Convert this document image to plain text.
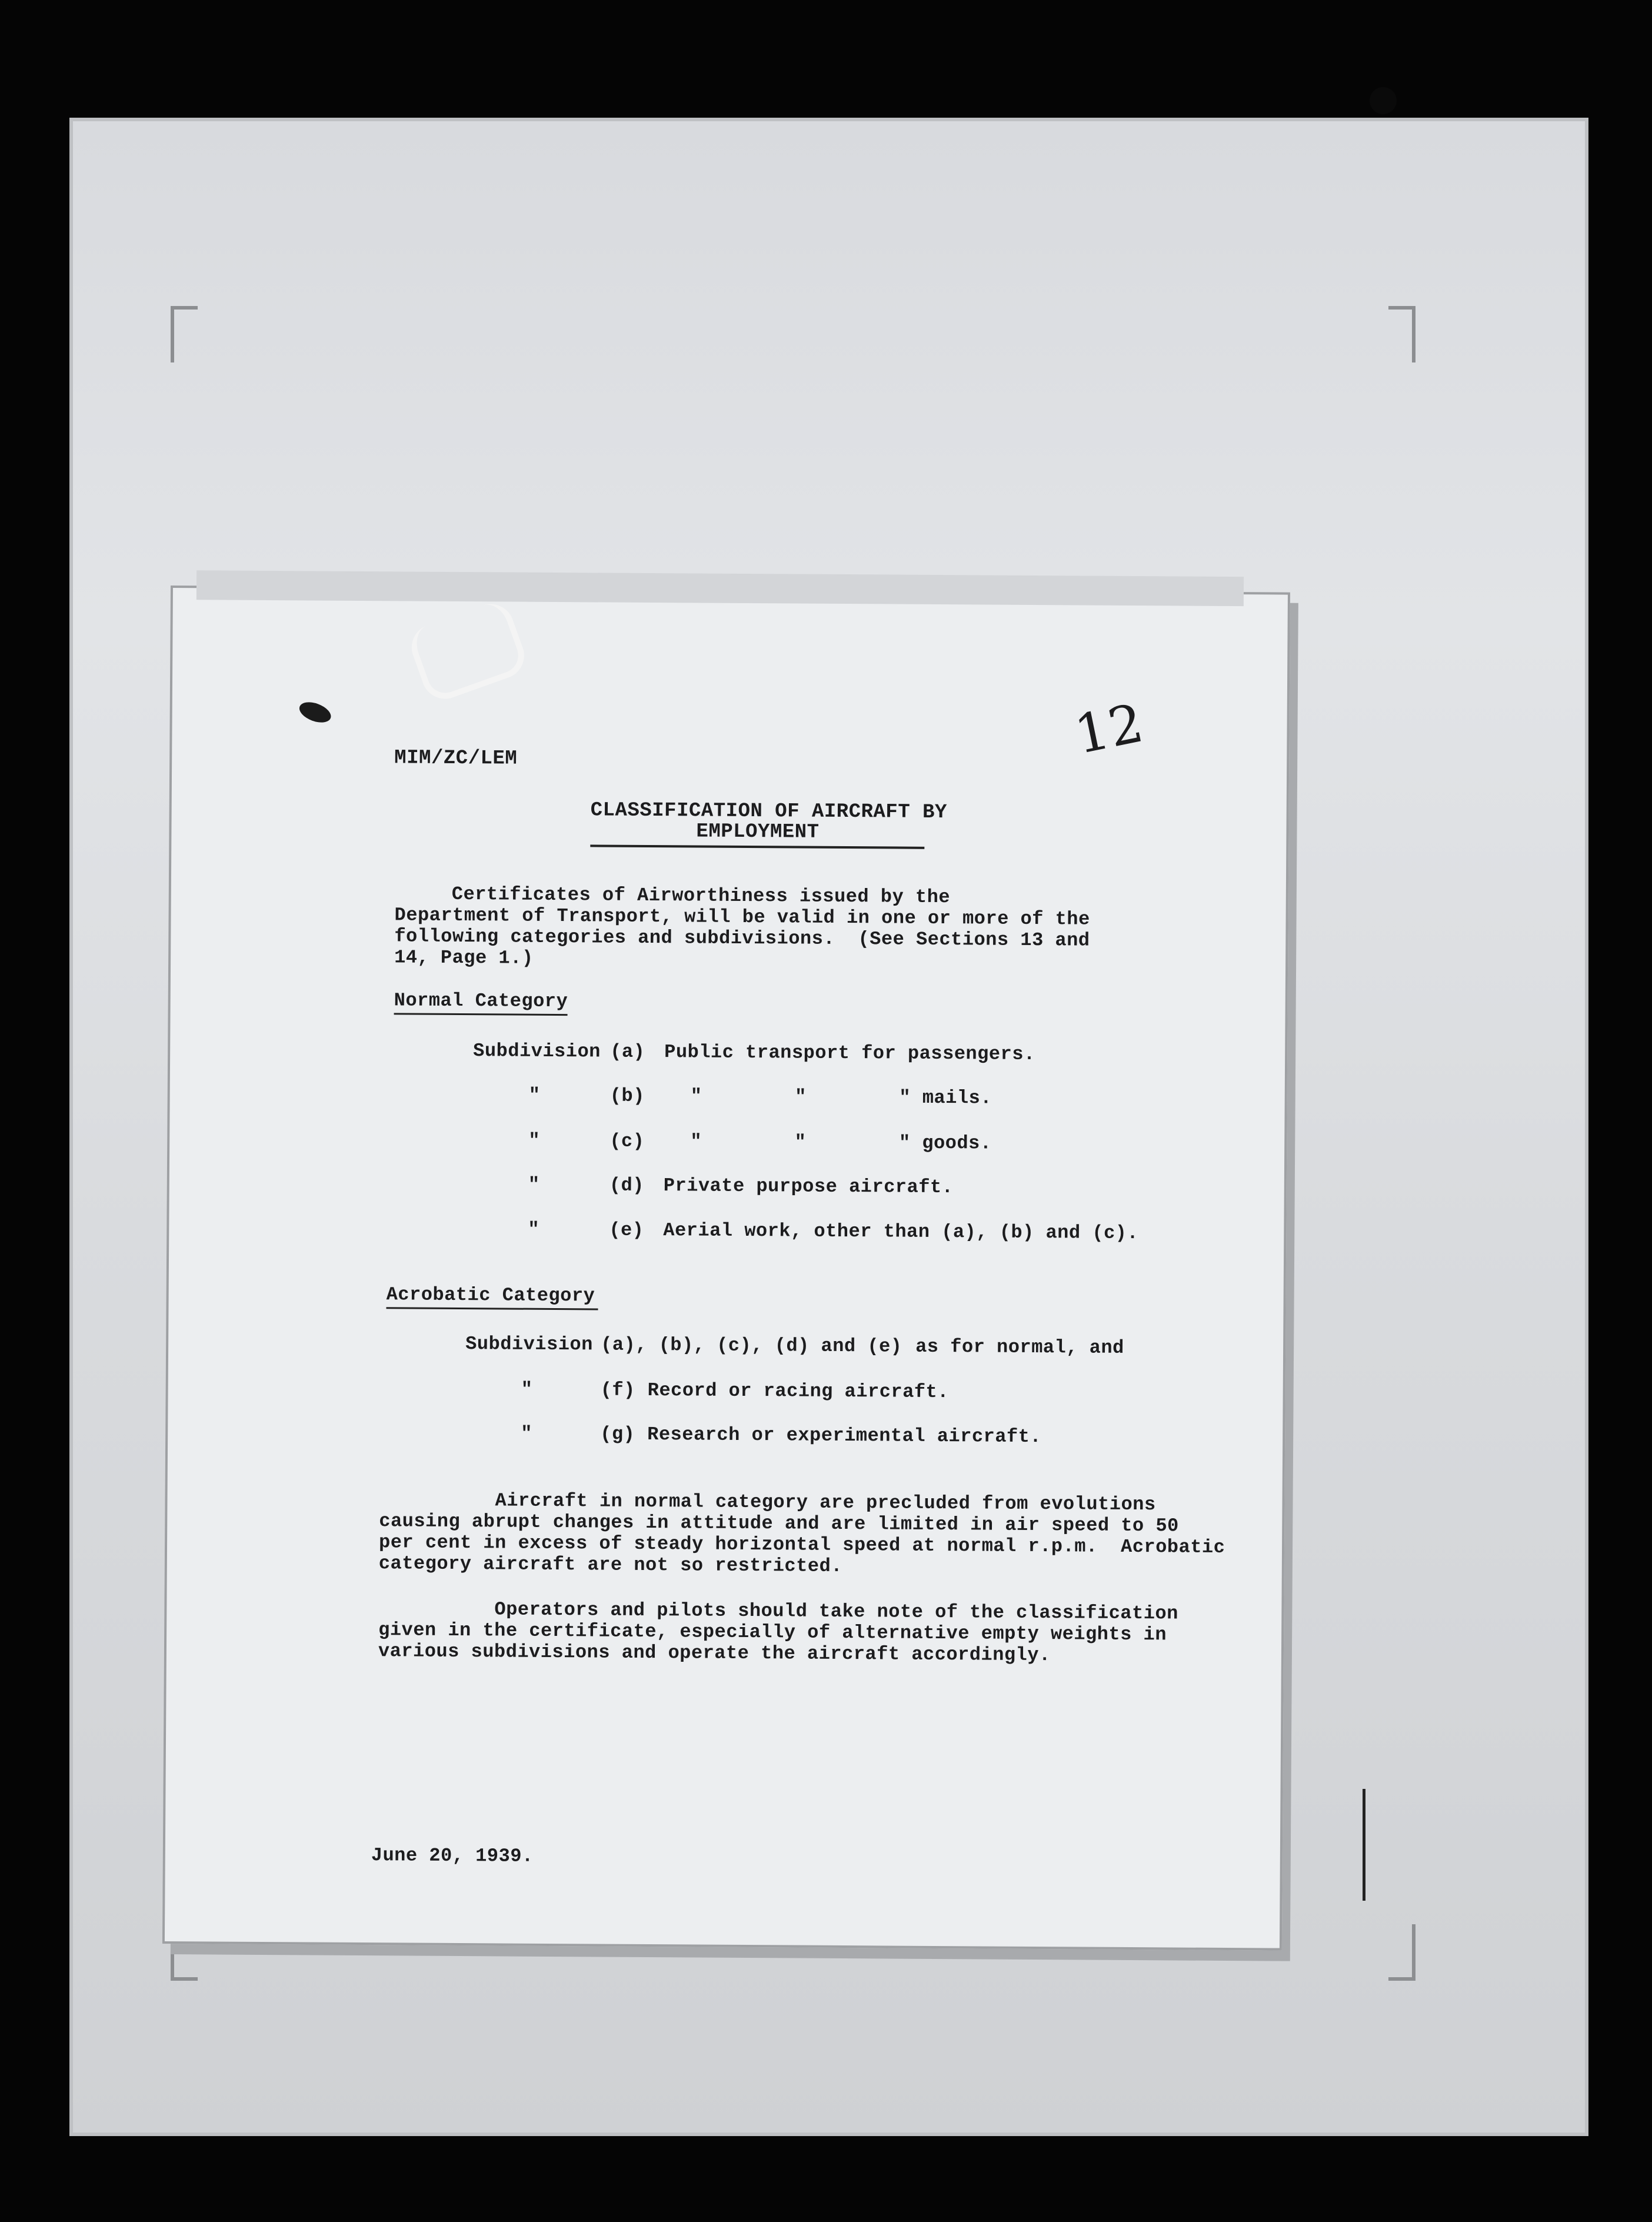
MIM/ZC/LEM	12
CLASSIFICATION OF AIRCRAFT BY
EMPLOYMENT
Certificates of Airworthiness issued by the
Department of Transport, will be valid in one or more of the
following categories and subdivisions.  (See Sections 13 and
14, Page 1.)
Normal Category
Subdivision (a) Public transport for passengers.
"	(b) "        "        " mails.
"	(c) "        "        " goods.
"	(d) Private purpose aircraft.
"	(e) Aerial work, other than (a), (b) and (c).
Acrobatic Category
Subdivision (a), (b), (c), (d) and (e) as for normal, and
"	(f) Record or racing aircraft.
"	(g) Research or experimental aircraft.
Aircraft in normal category are precluded from evolutions
causing abrupt changes in attitude and are limited in air speed to 50
per cent in excess of steady horizontal speed at normal r.p.m.  Acrobatic
category aircraft are not so restricted.
Operators and pilots should take note of the classification
given in the certificate, especially of alternative empty weights in
various subdivisions and operate the aircraft accordingly.
June 20, 1939.
